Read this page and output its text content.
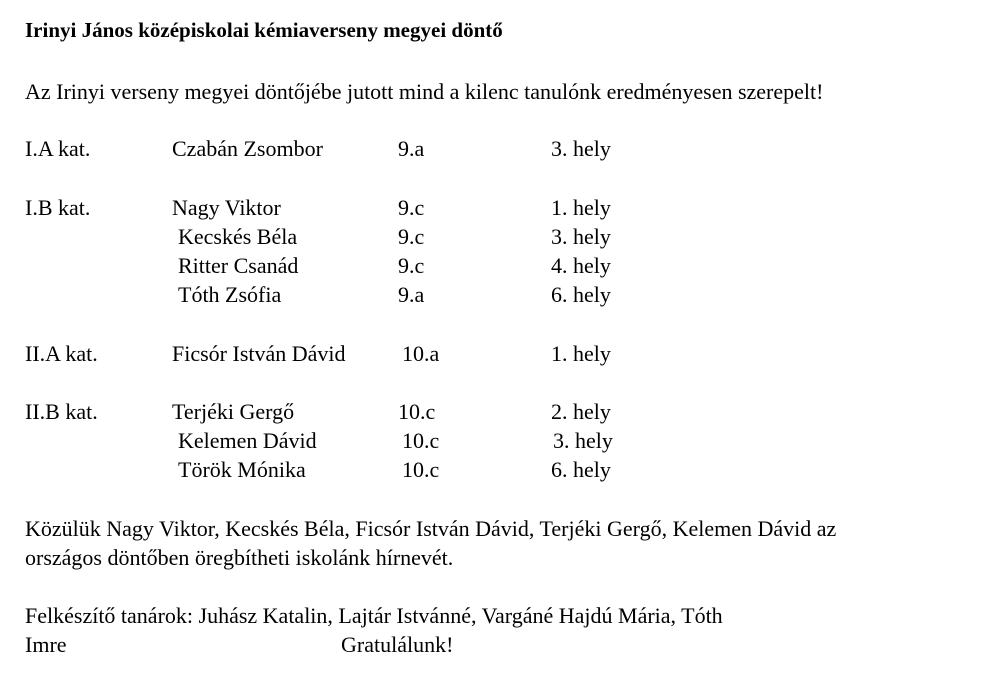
Irinyi János középiskolai kémiaverseny megyei döntő
Az Irinyi verseny megyei döntőjébe jutott mind a kilenc tanulónk eredményesen szerepelt!
I.A kat.	Czabán Zsombor	9.a	3. hely
I.B kat.	Nagy Viktor	9.c	1. hely
Kecskés Béla	9.c	3. hely
Ritter Csanád	9.c	4. hely
Tóth Zsófia	9.a	6. hely
II.A kat.	Ficsór István Dávid	10.a	1. hely
II.B kat.	Terjéki Gergő	10.c	2. hely
Kelemen Dávid	10.c	3. hely
Török Mónika	10.c	6. hely
Közülük Nagy Viktor, Kecskés Béla, Ficsór István Dávid, Terjéki Gergő, Kelemen Dávid az
országos döntőben öregbítheti iskolánk hírnevét.
Felkészítő tanárok: Juhász Katalin, Lajtár Istvánné, Vargáné Hajdú Mária, Tóth
Imre	Gratulálunk!
